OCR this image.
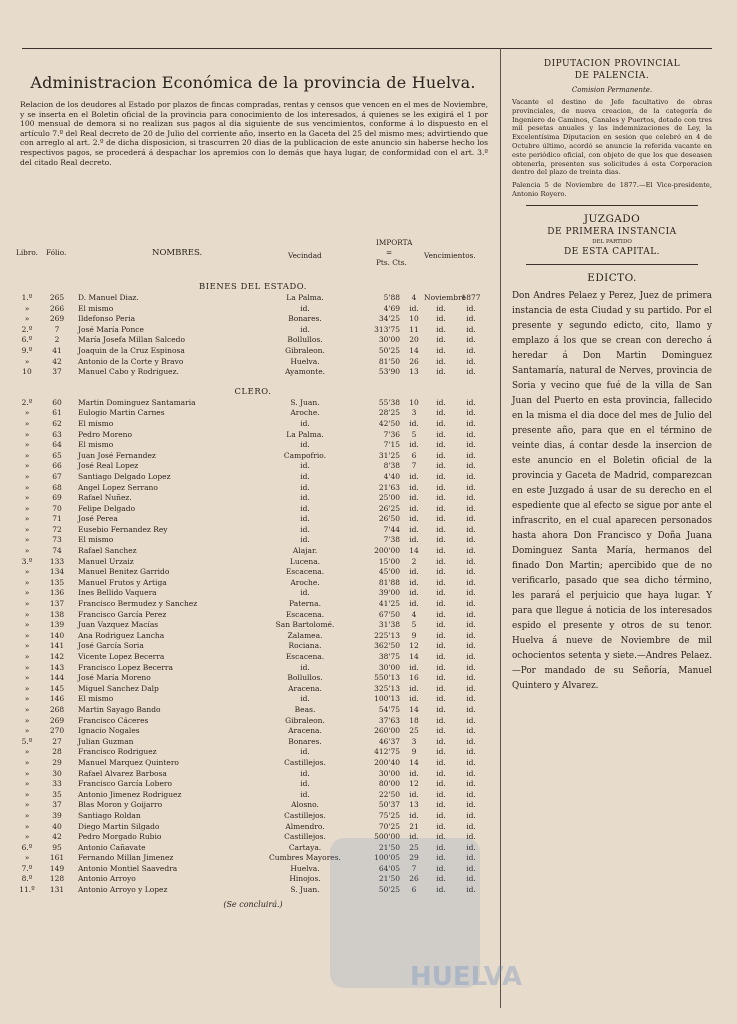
Administracion Económica de la provincia de Huelva.
Relacion de los deudores al Estado por plazos de fincas compradas, rentas y censos que vencen en el mes de Noviembre, y se inserta en el Boletin oficial de la provincia para conocimiento de los interesados, á quienes se les exigirá el 1 por 100 mensual de demora si no realizan sus pagos al dia siguiente de sus vencimientos, conforme á lo dispuesto en el artículo 7.º del Real decreto de 20 de Julio del corriente año, inserto en la Gaceta del 25 del mismo mes; advirtiendo que con arreglo al art. 2.º de dicha disposicion, si trascurren 20 dias de la publicacion de este anuncio sin haberse hecho los respectivos pagos, se procederá á despachar los apremios con lo demás que haya lugar, de conformidad con el art. 3.º del citado Real decreto.
Libro. Fólio.	NOMBRES.	Vecindad
IMPORTA
=
Pts. Cts.
Vencimientos.
BIENES DEL ESTADO.
1.º	265	D. Manuel Diaz.	La Palma.	5'88	4	Noviembre	1877	
»	266	El mismo	id.	4'69	id.	id.	id.	
»	269	Ildefonso Peria	Bonares.	34'25	10	id.	id.	
2.º	7	José María Ponce	id.	313'75	11	id.	id.	
6.º	2	María Josefa Millan Salcedo	Bollullos.	30'00	20	id.	id.	
9.º	41	Joaquin de la Cruz Espinosa	Gibraleon.	50'25	14	id.	id.	
»	42	Antonio de la Corte y Bravo	Huelva.	81'50	26	id.	id.	
10	37	Manuel Cabo y Rodriguez.	Ayamonte.	53'90	13	id.	id.	
CLERO.
2.º	60	Martin Dominguez Santamaria	S. Juan.	55'38	10	id.	id.	
»	61	Eulogio Martin Carnes	Aroche.	28'25	3	id.	id.	
»	62	El mismo	id.	42'50	id.	id.	id.	
»	63	Pedro Moreno	La Palma.	7'36	5	id.	id.	
»	64	El mismo	id.	7'15	id.	id.	id.	
»	65	Juan José Fernandez	Campofrio.	31'25	6	id.	id.	
»	66	José Real Lopez	id.	8'38	7	id.	id.	
»	67	Santiago Delgado Lopez	id.	4'40	id.	id.	id.	
»	68	Angel Lopez Serrano	id.	21'63	id.	id.	id.	
»	69	Rafael Nuñez.	id.	25'00	id.	id.	id.	
»	70	Felipe Delgado	id.	26'25	id.	id.	id.	
»	71	José Perea	id.	26'50	id.	id.	id.	
»	72	Eusebio Fernandez Rey	id.	7'44	id.	id.	id.	
»	73	El mismo	id.	7'38	id.	id.	id.	
»	74	Rafael Sanchez	Alajar.	200'00	14	id.	id.	
3.º	133	Manuel Urzaiz	Lucena.	15'00	2	id.	id.	
»	134	Manuel Benitez Garrido	Escacena.	45'00	id.	id.	id.	
»	135	Manuel Frutos y Artiga	Aroche.	81'88	id.	id.	id.	
»	136	Ines Bellido Vaquera	id.	39'00	id.	id.	id.	
»	137	Francisco Bermudez y Sanchez	Paterna.	41'25	id.	id.	id.	
»	138	Francisco García Perez	Escacena.	67'50	4	id.	id.	
»	139	Juan Vazquez Macías	San Bartolomé.	31'38	5	id.	id.	
»	140	Ana Rodriguez Lancha	Zalamea.	225'13	9	id.	id.	
»	141	José García Soria	Rociana.	362'50	12	id.	id.	
»	142	Vicente Lopez Becerra	Escacena.	38'75	14	id.	id.	
»	143	Francisco Lopez Becerra	id.	30'00	id.	id.	id.	
»	144	José María Moreno	Bollullos.	550'13	16	id.	id.	
»	145	Miguel Sanchez Dalp	Aracena.	325'13	id.	id.	id.	
»	146	El mismo	id.	100'13	id.	id.	id.	
»	268	Martin Sayago Bando	Beas.	54'75	14	id.	id.	
»	269	Francisco Cáceres	Gibraleon.	37'63	18	id.	id.	
»	270	Ignacio Nogales	Aracena.	260'00	25	id.	id.	
5.º	27	Julian Guzman	Bonares.	46'37	3	id.	id.	
»	28	Francisco Rodriguez	id.	412'75	9	id.	id.	
»	29	Manuel Marquez Quintero	Castillejos.	200'40	14	id.	id.	
»	30	Rafael Alvarez Barbosa	id.	30'00	id.	id.	id.	
»	33	Francisco García Lobero	id.	80'00	12	id.	id.	
»	35	Antonio Jimenez Rodriguez	id.	22'50	id.	id.	id.	
»	37	Blas Moron y Goijarro	Alosno.	50'37	13	id.	id.	
»	39	Santiago Roldan	Castillejos.	75'25	id.	id.	id.	
»	40	Diego Martin Silgado	Almendro.	70'25	21	id.	id.	
»	42	Pedro Morgado Rubio	Castillejos.	500'00	id.	id.	id.	
6.º	95	Antonio Cañavate	Cartaya.	21'50	25	id.	id.	
»	161	Fernando Millan Jimenez	Cumbres Mayores.	100'05	29	id.	id.	
7.º	149	Antonio Montiel Saavedra	Huelva.	64'05	7	id.	id.	
8.º	128	Antonio Arroyo	Hinojos.	21'50	26	id.	id.	
11.º	131	Antonio Arroyo y Lopez	S. Juan.	50'25	6	id.	id.	
(Se concluirá.)
DIPUTACION PROVINCIAL
DE PALENCIA.
Comision Permanente.
Vacante el destino de Jefe facultativo de obras provinciales, de nueva creacion, de la categoría de Ingeniero de Caminos, Canales y Puertos, dotado con tres mil pesetas anuales y las indemnizaciones de Ley, la Excelentísima Diputacion en sesion que celebró en 4 de Octubre último, acordó se anuncie la referida vacante en este periódico oficial, con objeto de que los que deseasen obtenerla, presenten sus solicitudes á esta Corporacion dentro del plazo de treinta dias.
Palencia 5 de Noviembre de 1877.—El Vice-presidente, Antonio Royero.
JUZGADO
DE PRIMERA INSTANCIA
DEL PARTIDO
DE ESTA CAPITAL.
EDICTO.
Don Andres Pelaez y Perez, Juez de primera instancia de esta Ciudad y su partido. Por el presente y segundo edicto, cito, llamo y emplazo á los que se crean con derecho á heredar á Don Martin Dominguez Santamaría, natural de Nerves, provincia de Soria y vecino que fué de la villa de San Juan del Puerto en esta provincia, fallecido en la misma el dia doce del mes de Julio del presente año, para que en el término de veinte dias, á contar desde la insercion de este anuncio en el Boletin oficial de la provincia y Gaceta de Madrid, comparezcan en este Juzgado á usar de su derecho en el espediente que al efecto se sigue por ante el infrascrito, en el cual aparecen personados hasta ahora Don Francisco y Doña Juana Dominguez Santa María, hermanos del finado Don Martin; apercibido que de no verificarlo, pasado que sea dicho término, les parará el perjuicio que haya lugar. Y para que llegue á noticia de los interesados espido el presente y otros de su tenor. Huelva á nueve de Noviembre de mil ochocientos setenta y siete.—Andres Pelaez.—Por mandado de su Señoría, Manuel Quintero y Alvarez.
HUELVA
